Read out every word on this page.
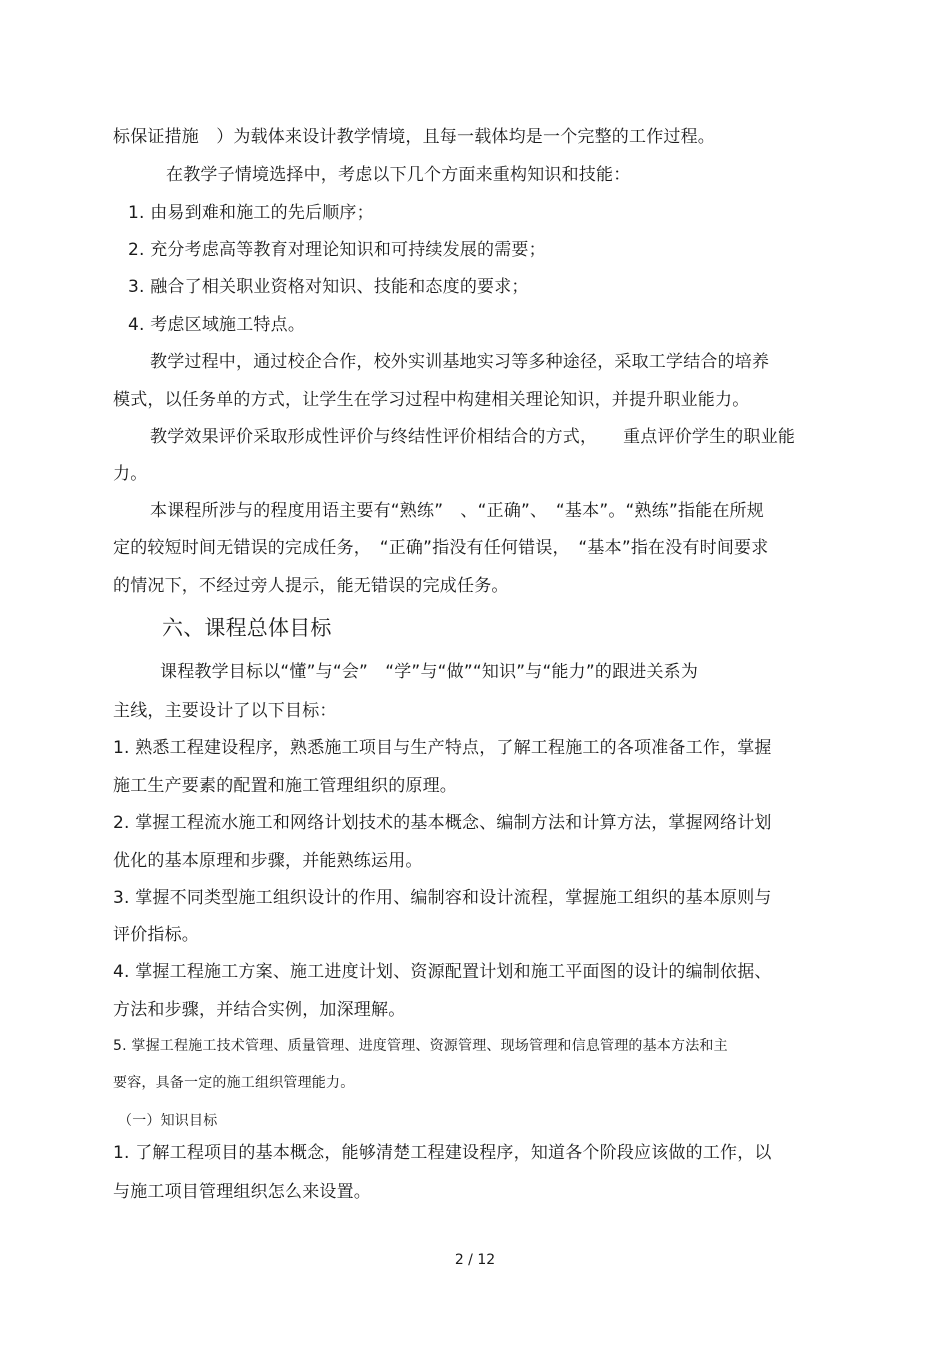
标保证措施　）为载体来设计教学情境，且每一载体均是一个完整的工作过程。
在教学子情境选择中，考虑以下几个方面来重构知识和技能：
1. 由易到难和施工的先后顺序；
2. 充分考虑高等教育对理论知识和可持续发展的需要；
3. 融合了相关职业资格对知识、技能和态度的要求；
4. 考虑区域施工特点。
教学过程中，通过校企合作，校外实训基地实习等多种途径，采取工学结合的培养
模式，以任务单的方式，让学生在学习过程中构建相关理论知识，并提升职业能力。
教学效果评价采取形成性评价与终结性评价相结合的方式，　　重点评价学生的职业能
力。
本课程所涉与的程度用语主要有“熟练”　、“正确”、　“基本”。“熟练”指能在所规
定的较短时间无错误的完成任务，　“正确”指没有任何错误，　“基本”指在没有时间要求
的情况下，不经过旁人提示，能无错误的完成任务。
六、课程总体目标
课程教学目标以“懂”与“会”　“学”与“做”“知识”与“能力”的跟进关系为
主线，主要设计了以下目标：
1. 熟悉工程建设程序，熟悉施工项目与生产特点，了解工程施工的各项准备工作，掌握
施工生产要素的配置和施工管理组织的原理。
2. 掌握工程流水施工和网络计划技术的基本概念、编制方法和计算方法，掌握网络计划
优化的基本原理和步骤，并能熟练运用。
3. 掌握不同类型施工组织设计的作用、编制容和设计流程，掌握施工组织的基本原则与
评价指标。
4. 掌握工程施工方案、施工进度计划、资源配置计划和施工平面图的设计的编制依据、
方法和步骤，并结合实例，加深理解。
5. 掌握工程施工技术管理、质量管理、进度管理、资源管理、现场管理和信息管理的基本方法和主
要容，具备一定的施工组织管理能力。
（一）知识目标
1. 了解工程项目的基本概念，能够清楚工程建设程序，知道各个阶段应该做的工作，以
与施工项目管理组织怎么来设置。
2 / 12
